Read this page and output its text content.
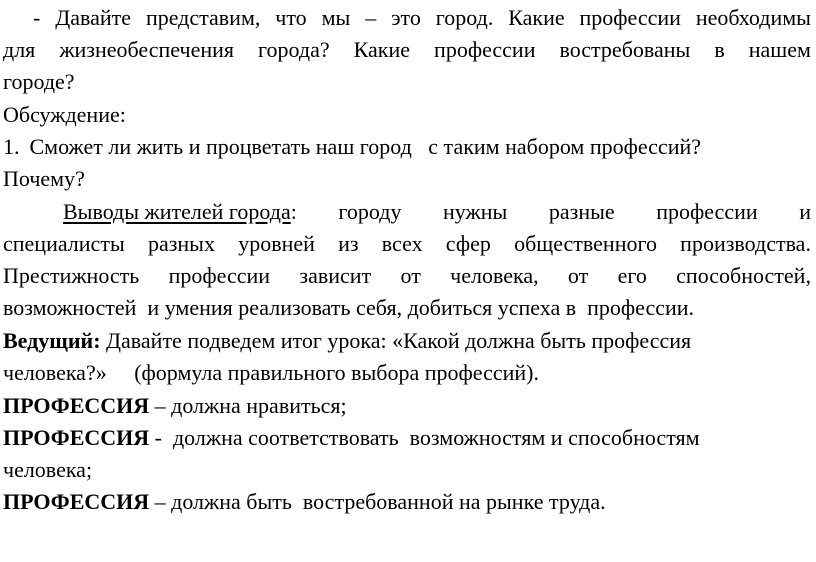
- Давайте представим, что мы – это город. Какие профессии необходимы
для жизнеобеспечения города? Какие профессии востребованы в нашем
городе?
Обсуждение:
1. Сможет ли жить и процветать наш город   с таким набором профессий?
Почему?
Выводы жителей города: городу нужны разные профессии и
специалисты разных уровней из всех сфер общественного производства.
Престижность профессии зависит от человека, от его способностей,
возможностей  и умения реализовать себя, добиться успеха в  профессии.
Ведущий: Давайте подведем итог урока: «Какой должна быть профессия
человека?»     (формула правильного выбора профессий).
ПРОФЕССИЯ – должна нравиться;
ПРОФЕССИЯ -  должна соответствовать  возможностям и способностям
человека;
ПРОФЕССИЯ – должна быть  востребованной на рынке труда.
